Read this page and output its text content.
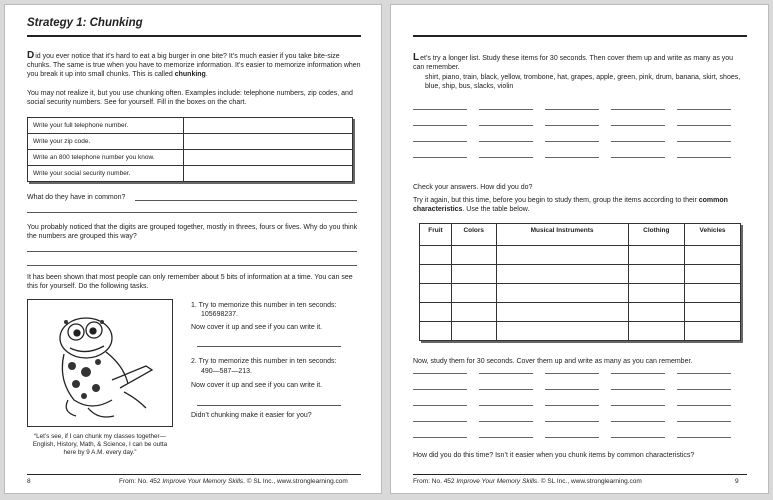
Strategy 1: Chunking
Did you ever notice that it’s hard to eat a big burger in one bite? It’s much easier if you take bite-size chunks. The same is true when you have to memorize information. It’s easier to memorize information when you break it up into small chunks. This is called chunking.
You may not realize it, but you use chunking often. Examples include: telephone numbers, zip codes, and social security numbers. See for yourself. Fill in the boxes on the chart.
Write your full telephone number.	
Write your zip code.	
Write an 800 telephone number you know.	
Write your social security number.	
What do they have in common?
You probably noticed that the digits are grouped together, mostly in threes, fours or fives. Why do you think the numbers are grouped this way?
It has been shown that most people can only remember about 5 bits of information at a time. You can see this for yourself. Do the following tasks.
“Let’s see, if I can chunk my classes together—English, History, Math, & Science, I can be outta here by 9 A.M. every day.”
1. Try to memorize this number in ten seconds:
105698237.
Now cover it up and see if you can write it.
2. Try to memorize this number in ten seconds:
490—587—213.
Now cover it up and see if you can write it.
Didn’t chunking make it easier for you?
8	From: No. 452 Improve Your Memory Skills. © SL Inc., www.stronglearning.com
Let’s try a longer list. Study these items for 30 seconds. Then cover them up and write as many as you can remember.
shirt, piano, train, black, yellow, trombone, hat, grapes, apple, green, pink, drum, banana, skirt, shoes, blue, ship, bus, slacks, violin
Check your answers. How did you do?
Try it again, but this time, before you begin to study them, group the items according to their common characteristics. Use the table below.
Fruit	Colors	Musical Instruments	Clothing	Vehicles

Now, study them for 30 seconds. Cover them up and write as many as you can remember.
How did you do this time? Isn’t it easier when you chunk items by common characteristics?
From: No. 452 Improve Your Memory Skills. © SL Inc., www.stronglearning.com	9
